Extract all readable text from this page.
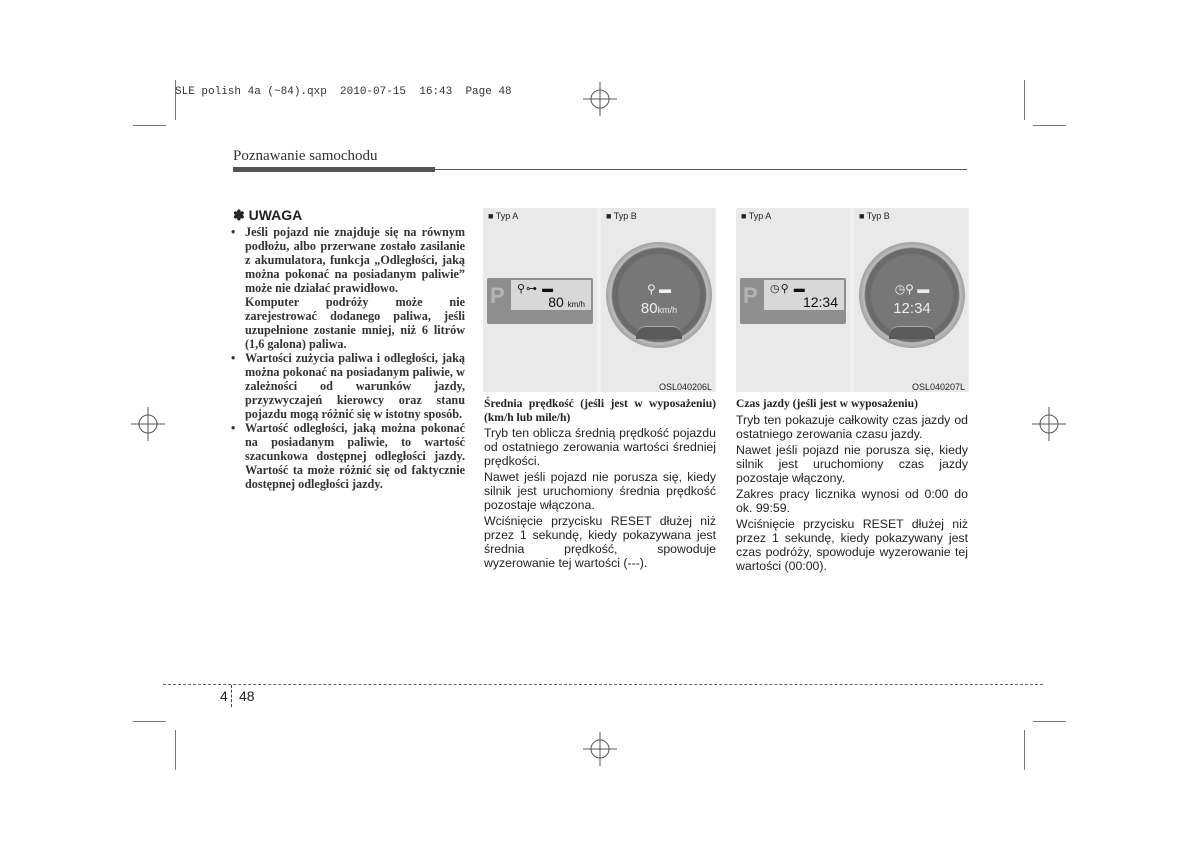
SLE polish 4a (~84).qxp  2010-07-15  16:43  Page 48
Poznawanie samochodu
✽ UWAGA

• Jeśli pojazd nie znajduje się na równym podłożu, albo przerwane zostało zasilanie z akumulatora, funkcja „Odległości, jaką można pokonać na posiadanym paliwie” może nie działać prawidłowo.

Komputer podróży może nie zarejestrować dodanego paliwa, jeśli uzupełnione zostanie mniej, niż 6 litrów (1,6 galona) paliwa.

• Wartości zużycia paliwa i odległości, jaką można pokonać na posiadanym paliwie, w zależności od warunków jazdy, przyzwyczajeń kierowcy oraz stanu pojazdu mogą różnić się w istotny sposób.

• Wartość odległości, jaką można pokonać na posiadanym paliwie, to wartość szacunkowa dostępnej odległości jazdy. Wartość ta może różnić się od faktycznie dostępnej odległości jazdy.

■ Typ A
P ⚲⊶ ▬
80 km/h
■ Typ B
⚲ ▬
80km/h
OSL040206L
■ Typ A
P ◷⚲ ▬
12:34
■ Typ B
◷⚲ ▬
12:34
OSL040207L

Średnia prędkość (jeśli jest w wyposażeniu) (km/h lub mile/h)

Tryb ten oblicza średnią prędkość pojazdu od ostatniego zerowania wartości średniej prędkości.

Nawet jeśli pojazd nie porusza się, kiedy silnik jest uruchomiony średnia prędkość pozostaje włączona.

Wciśnięcie przycisku RESET dłużej niż przez 1 sekundę, kiedy pokazywana jest średnia prędkość, spowoduje wyzerowanie tej wartości (---).

Czas jazdy (jeśli jest w wyposażeniu)

Tryb ten pokazuje całkowity czas jazdy od ostatniego zerowania czasu jazdy.

Nawet jeśli pojazd nie porusza się, kiedy silnik jest uruchomiony czas jazdy pozostaje włączony.

Zakres pracy licznika wynosi od 0:00 do ok. 99:59.

Wciśnięcie przycisku RESET dłużej niż przez 1 sekundę, kiedy pokazywany jest czas podróży, spowoduje wyzerowanie tej wartości (00:00).

4 48
